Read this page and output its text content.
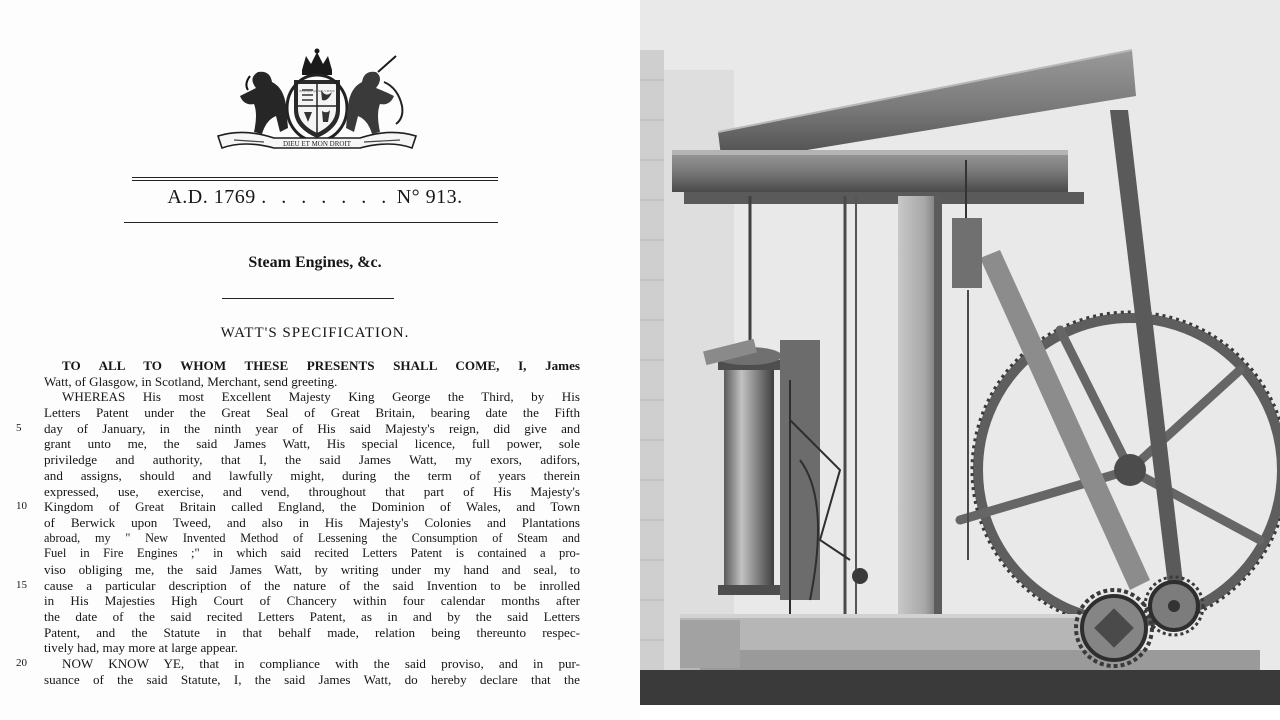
DIEU ET MON DROIT
HONI SOIT QUI MAL Y PENSE
A.D. 1769 . . . . . . . N° 913.
Steam Engines, &c.
WATT'S SPECIFICATION.
TO ALL TO WHOM THESE PRESENTS SHALL COME, I, James
Watt, of Glasgow, in Scotland, Merchant, send greeting.
WHEREAS His most Excellent Majesty King George the Third, by His
Letters Patent under the Great Seal of Great Britain, bearing date the Fifth
5 day of January, in the ninth year of His said Majesty's reign, did give and
grant unto me, the said James Watt, His special licence, full power, sole
priviledge and authority, that I, the said James Watt, my exors, adifors,
and assigns, should and lawfully might, during the term of years therein
expressed, use, exercise, and vend, throughout that part of His Majesty's
10 Kingdom of Great Britain called England, the Dominion of Wales, and Town
of Berwick upon Tweed, and also in His Majesty's Colonies and Plantations
abroad, my " New Invented Method of Lessening the Consumption of Steam and
Fuel in Fire Engines ;" in which said recited Letters Patent is contained a pro-
viso obliging me, the said James Watt, by writing under my hand and seal, to
15 cause a particular description of the nature of the said Invention to be inrolled
in His Majesties High Court of Chancery within four calendar months after
the date of the said recited Letters Patent, as in and by the said Letters
Patent, and the Statute in that behalf made, relation being thereunto respec-
tively had, may more at large appear.
20	NOW KNOW YE, that in compliance with the said proviso, and in pur-
suance of the said Statute, I, the said James Watt, do hereby declare that the
